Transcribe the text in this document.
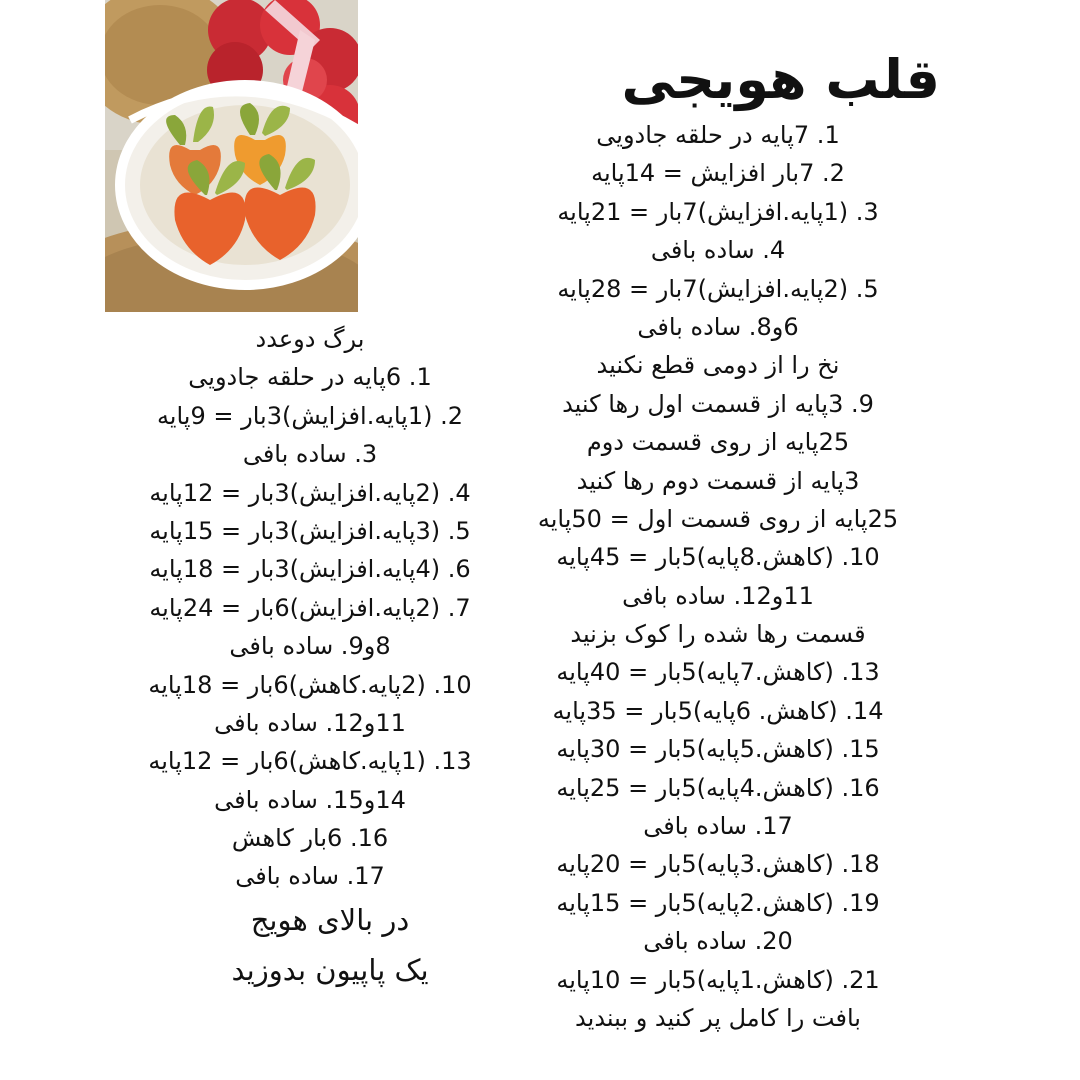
قلب هویجی
1. 7پایه در حلقه جادویی
2. 7بار افزایش = 14پایه
3. (1پایه.افزایش)7بار = 21پایه
4. ساده بافی
5. (2پایه.افزایش)7بار = 28پایه
6و8. ساده بافی
نخ را از دومی قطع نکنید
9. 3پایه از قسمت اول رها کنید
25پایه از روی قسمت دوم
3پایه از قسمت دوم رها کنید
25پایه از روی قسمت اول = 50پایه
10. (کاهش.8پایه)5بار = 45پایه
11و12. ساده بافی
قسمت رها شده را کوک بزنید
13. (کاهش.7پایه)5بار = 40پایه
14. (کاهش. 6پایه)5بار = 35پایه
15. (کاهش.5پایه)5بار = 30پایه
16. (کاهش.4پایه)5بار = 25پایه
17. ساده بافی
18. (کاهش.3پایه)5بار = 20پایه
19. (کاهش.2پایه)5بار = 15پایه
20. ساده بافی
21. (کاهش.1پایه)5بار = 10پایه
بافت را کامل پر کنید و ببندید
برگ دوعدد
1. 6پایه در حلقه جادویی
2. (1پایه.افزایش)3بار = 9پایه
3. ساده بافی
4. (2پایه.افزایش)3بار = 12پایه
5. (3پایه.افزایش)3بار = 15پایه
6. (4پایه.افزایش)3بار = 18پایه
7. (2پایه.افزایش)6بار = 24پایه
8و9. ساده بافی
10. (2پایه.کاهش)6بار = 18پایه
11و12. ساده بافی
13. (1پایه.کاهش)6بار = 12پایه
14و15. ساده بافی
16. 6بار کاهش
17. ساده بافی
در بالای هویج
یک پاپیون بدوزید
